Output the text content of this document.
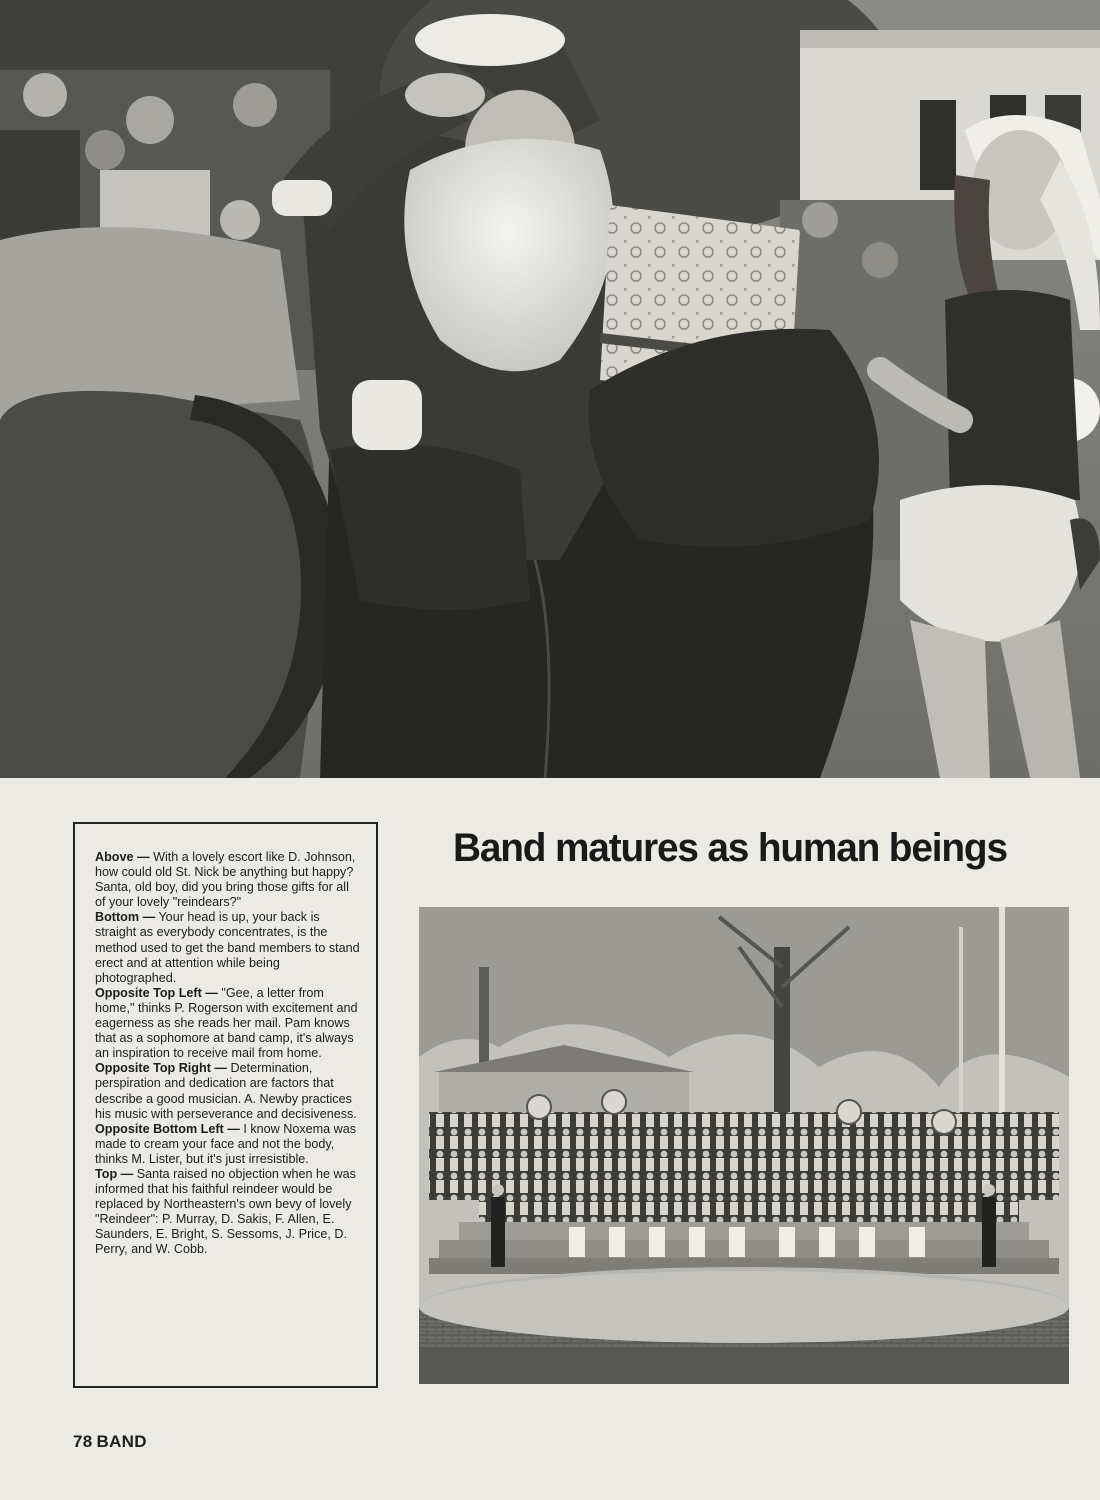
Above — With a lovely escort like D. Johnson, how could old St. Nick be anything but happy? Santa, old boy, did you bring those gifts for all of your lovely "reindears?"

Bottom — Your head is up, your back is straight as everybody concentrates, is the method used to get the band members to stand erect and at attention while being photographed.

Opposite Top Left — "Gee, a letter from home," thinks P. Rogerson with excitement and eagerness as she reads her mail. Pam knows that as a sophomore at band camp, it's always an inspiration to receive mail from home.

Opposite Top Right — Determination, perspiration and dedication are factors that describe a good musician. A. Newby practices his music with perseverance and decisiveness.

Opposite Bottom Left — I know Noxema was made to cream your face and not the body, thinks M. Lister, but it's just irresistible.

Top — Santa raised no objection when he was informed that his faithful reindeer would be replaced by Northeastern's own bevy of lovely "Reindeer": P. Murray, D. Sakis, F. Allen, E. Saunders, E. Bright, S. Sessoms, J. Price, D. Perry, and W. Cobb.

Band matures as human beings
78 BAND
